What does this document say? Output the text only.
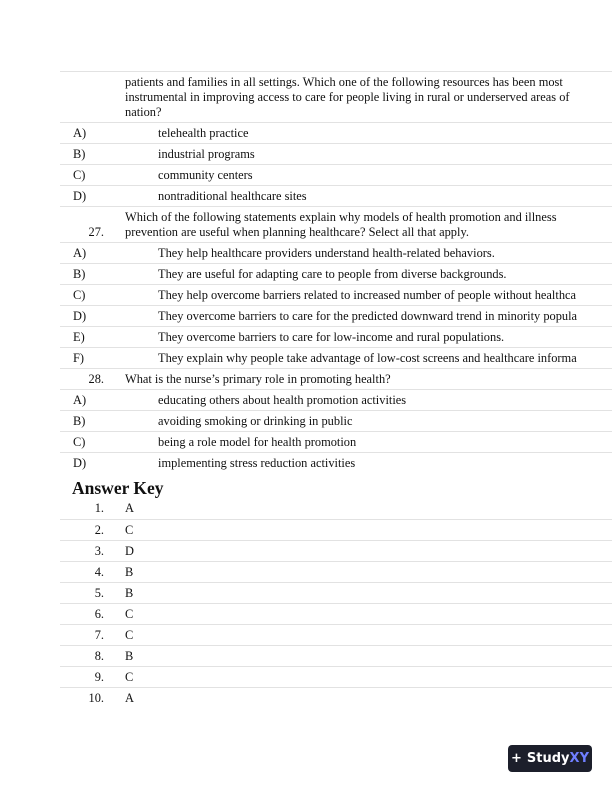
patients and families in all settings. Which one of the following resources has been most
instrumental in improving access to care for people living in rural or underserved areas of
nation?
A)	telehealth practice
B)	industrial programs
C)	community centers
D)	nontraditional healthcare sites
27.
Which of the following statements explain why models of health promotion and illness
prevention are useful when planning healthcare? Select all that apply.
A)	They help healthcare providers understand health-related behaviors.
B)	They are useful for adapting care to people from diverse backgrounds.
C)	They help overcome barriers related to increased number of people without healthca
D)	They overcome barriers to care for the predicted downward trend in minority popula
E)	They overcome barriers to care for low-income and rural populations.
F)	They explain why people take advantage of low-cost screens and healthcare informa
28. What is the nurse’s primary role in promoting health?
A)	educating others about health promotion activities
B)	avoiding smoking or drinking in public
C)	being a role model for health promotion
D)	implementing stress reduction activities
Answer Key
1. A
2. C
3. D
4. B
5. B
6. C
7. C
8. B
9. C
10. A
+ Study XY
